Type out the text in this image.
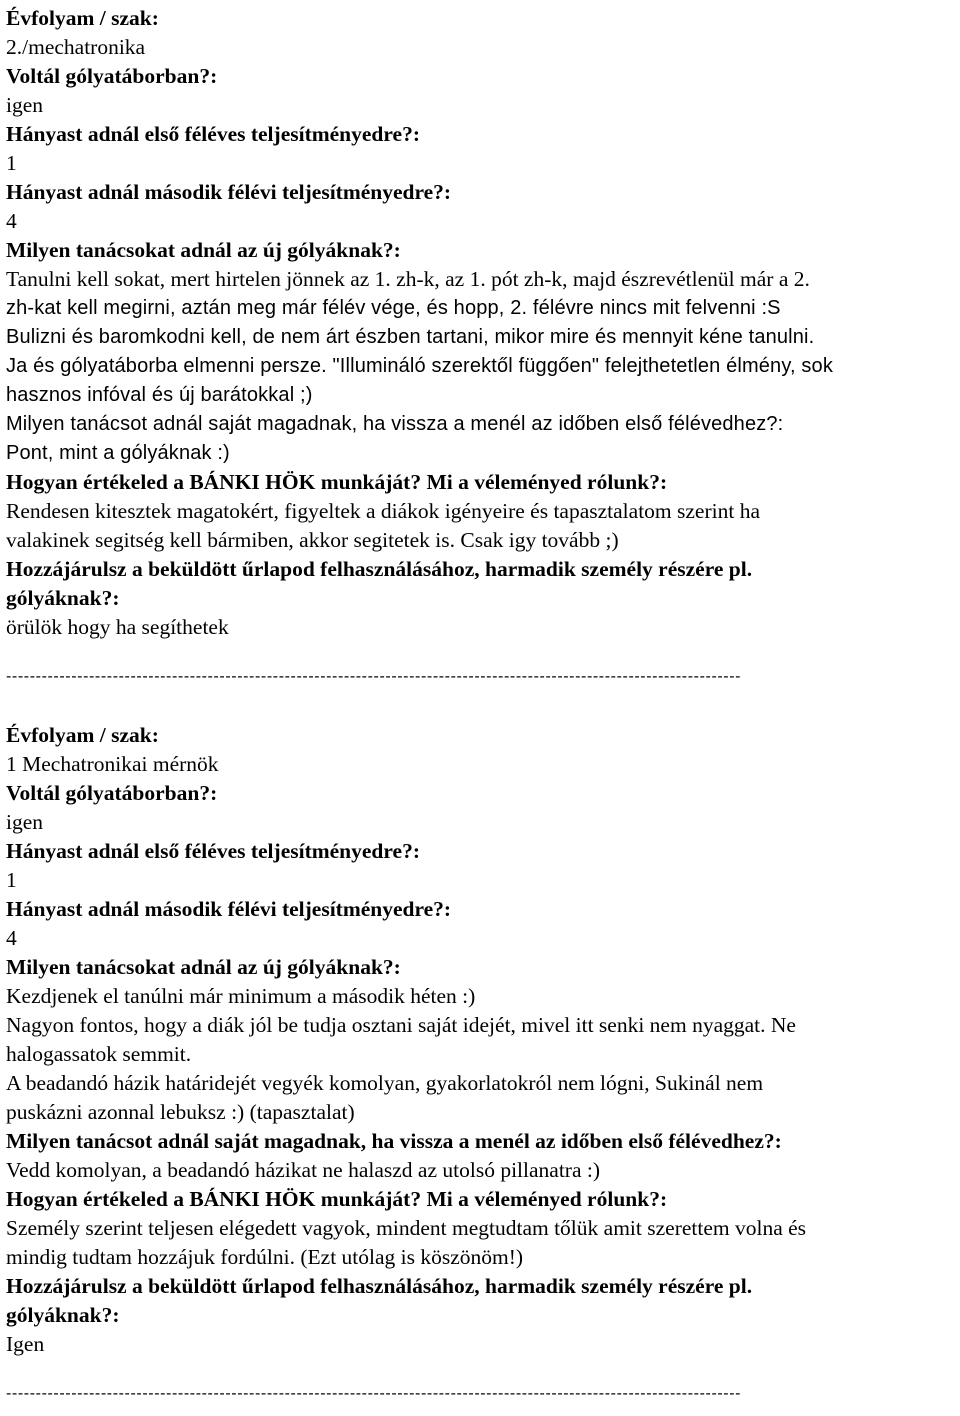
Évfolyam / szak:
2./mechatronika
Voltál gólyatáborban?:
igen
Hányast adnál első féléves teljesítményedre?:
1
Hányast adnál második félévi teljesítményedre?:
4
Milyen tanácsokat adnál az új gólyáknak?:
Tanulni kell sokat, mert hirtelen jönnek az 1. zh-k, az 1. pót zh-k, majd észrevétlenül már a 2.
zh-kat kell megirni, aztán meg már félév vége, és hopp, 2. félévre nincs mit felvenni :S
Bulizni és baromkodni kell, de nem árt észben tartani, mikor mire és mennyit kéne tanulni.
Ja és gólyatáborba elmenni persze. "Illumináló szerektől függően" felejthetetlen élmény, sok
hasznos infóval és új barátokkal ;)
Milyen tanácsot adnál saját magadnak, ha vissza a menél az időben első félévedhez?:
Pont, mint a gólyáknak :)
Hogyan értékeled a BÁNKI HÖK munkáját? Mi a véleményed rólunk?:
Rendesen kitesztek magatokért, figyeltek a diákok igényeire és tapasztalatom szerint ha
valakinek segitség kell bármiben, akkor segitetek is. Csak igy tovább ;)
Hozzájárulsz a beküldött űrlapod felhasználásához, harmadik személy részére pl.
gólyáknak?:
örülök hogy ha segíthetek
----------------------------------------------------------------------------------------------------------------------------
Évfolyam / szak:
1 Mechatronikai mérnök
Voltál gólyatáborban?:
igen
Hányast adnál első féléves teljesítményedre?:
1
Hányast adnál második félévi teljesítményedre?:
4
Milyen tanácsokat adnál az új gólyáknak?:
Kezdjenek el tanúlni már minimum a második héten :)
Nagyon fontos, hogy a diák jól be tudja osztani saját idejét, mivel itt senki nem nyaggat. Ne
halogassatok semmit.
A beadandó házik határidejét vegyék komolyan, gyakorlatokról nem lógni, Sukinál nem
puskázni azonnal lebuksz :) (tapasztalat)
Milyen tanácsot adnál saját magadnak, ha vissza a menél az időben első félévedhez?:
Vedd komolyan, a beadandó házikat ne halaszd az utolsó pillanatra :)
Hogyan értékeled a BÁNKI HÖK munkáját? Mi a véleményed rólunk?:
Személy szerint teljesen elégedett vagyok, mindent megtudtam tőlük amit szerettem volna és
mindig tudtam hozzájuk fordúlni. (Ezt utólag is köszönöm!)
Hozzájárulsz a beküldött űrlapod felhasználásához, harmadik személy részére pl.
gólyáknak?:
Igen
----------------------------------------------------------------------------------------------------------------------------
